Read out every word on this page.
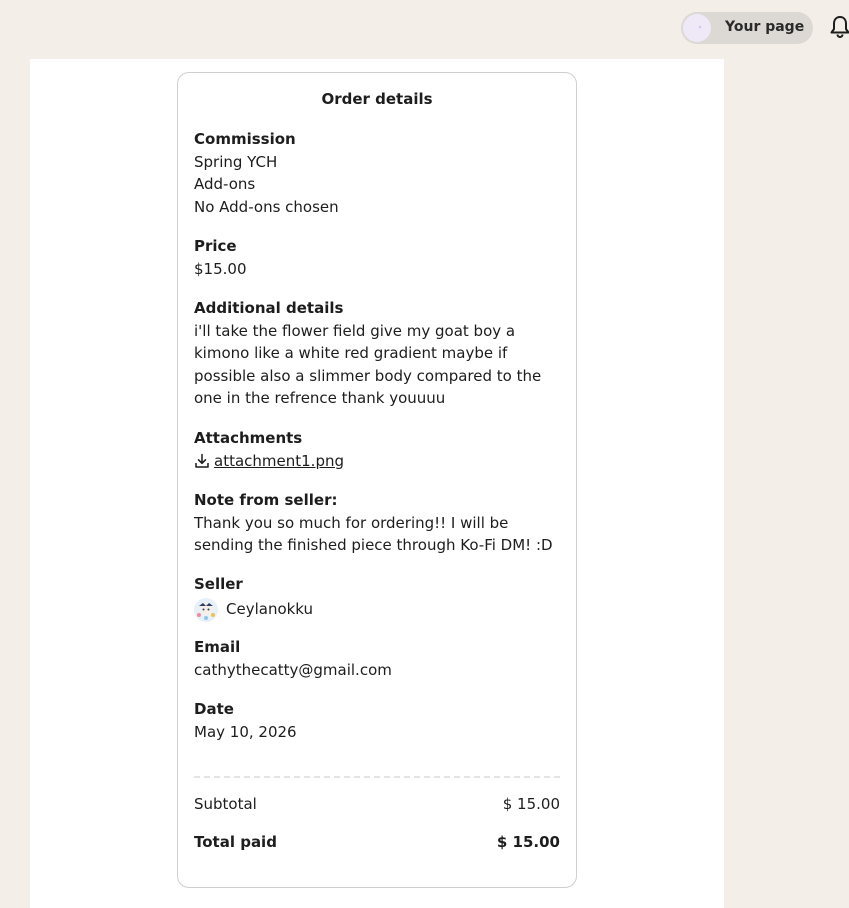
Your page
Order details
Commission
Spring YCH
Add-ons
No Add-ons chosen
Price
$15.00
Additional details
i'll take the flower field give my goat boy a kimono like a white red gradient maybe if possible also a slimmer body compared to the one in the refrence thank youuuu
Attachments
attachment1.png
Note from seller:
Thank you so much for ordering!! I will be sending the finished piece through Ko-Fi DM! :D
Seller
Ceylanokku
Email
cathythecatty@gmail.com
Date
May 10, 2026
Subtotal	$ 15.00
Total paid	$ 15.00
